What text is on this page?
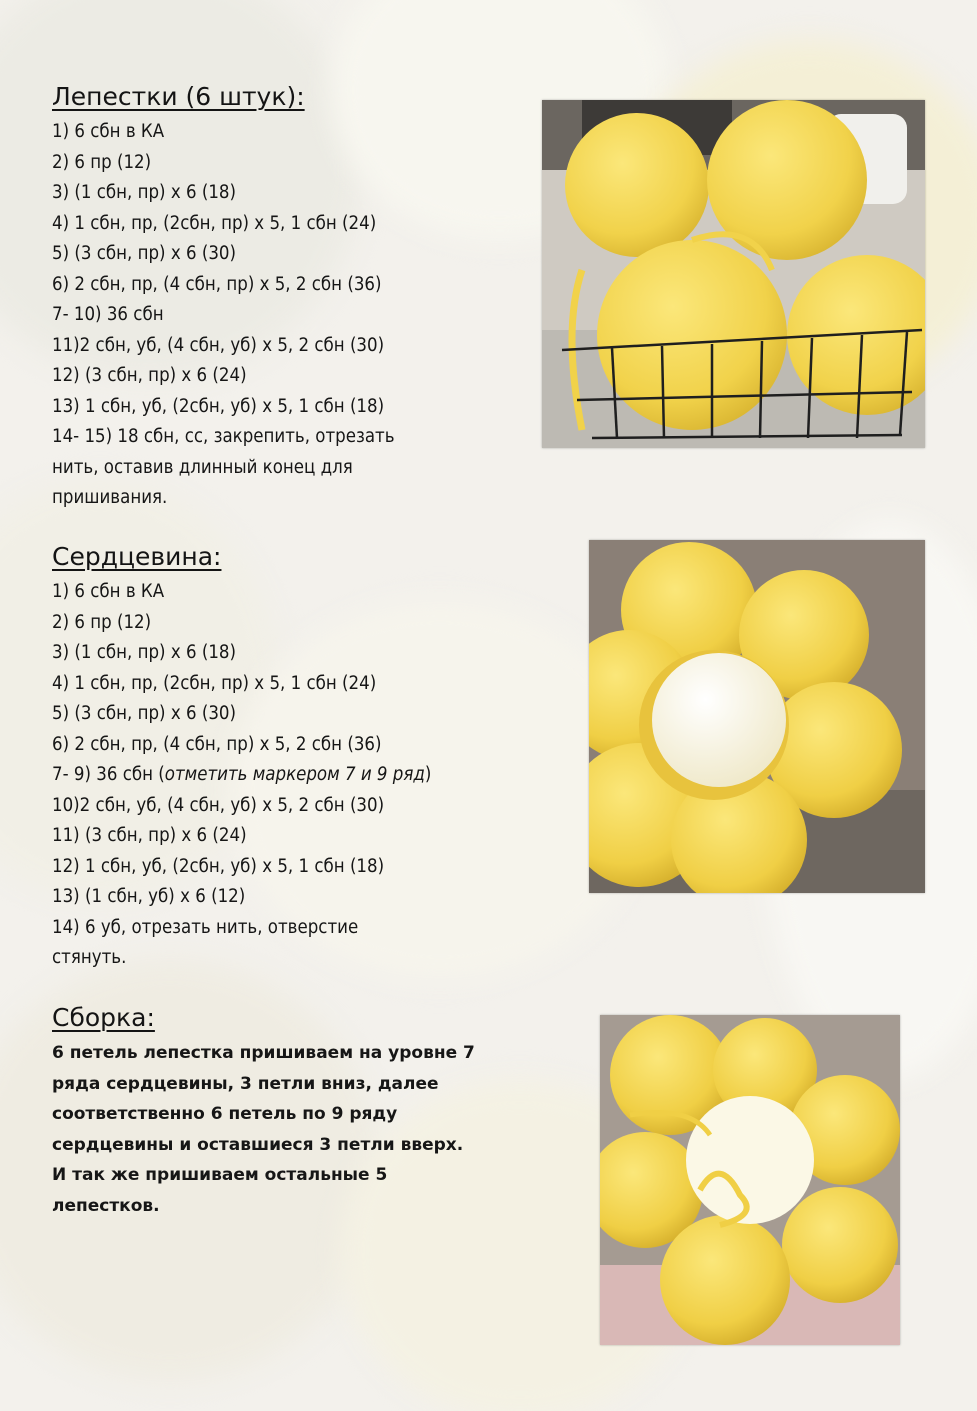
Лепестки (6 штук):
1) 6 сбн в КА
2) 6 пр (12)
3) (1 сбн, пр) х 6 (18)
4) 1 сбн, пр, (2сбн, пр) х 5, 1 сбн (24)
5) (3 сбн, пр) х 6 (30)
6) 2 сбн, пр, (4 сбн, пр) х 5, 2 сбн (36)
7- 10) 36 сбн
11)2 сбн, уб, (4 сбн, уб) х 5, 2 сбн (30)
12) (3 сбн, пр) х 6 (24)
13) 1 сбн, уб, (2сбн, уб) х 5, 1 сбн (18)
14- 15) 18 сбн, сс, закрепить, отрезать
нить, оставив длинный конец для
пришивания.
Сердцевина:
1) 6 сбн в КА
2) 6 пр (12)
3) (1 сбн, пр) х 6 (18)
4) 1 сбн, пр, (2сбн, пр) х 5, 1 сбн (24)
5) (3 сбн, пр) х 6 (30)
6) 2 сбн, пр, (4 сбн, пр) х 5, 2 сбн (36)
7- 9) 36 сбн (отметить маркером 7 и 9 ряд)
10)2 сбн, уб, (4 сбн, уб) х 5, 2 сбн (30)
11) (3 сбн, пр) х 6 (24)
12) 1 сбн, уб, (2сбн, уб) х 5, 1 сбн (18)
13) (1 сбн, уб) х 6 (12)
14) 6 уб, отрезать нить, отверстие
стянуть.
Сборка:
6 петель лепестка пришиваем на уровне 7
ряда сердцевины, 3 петли вниз, далее
соответственно 6 петель по 9 ряду
сердцевины и оставшиеся 3 петли вверх.
И так же пришиваем остальные 5
лепестков.
